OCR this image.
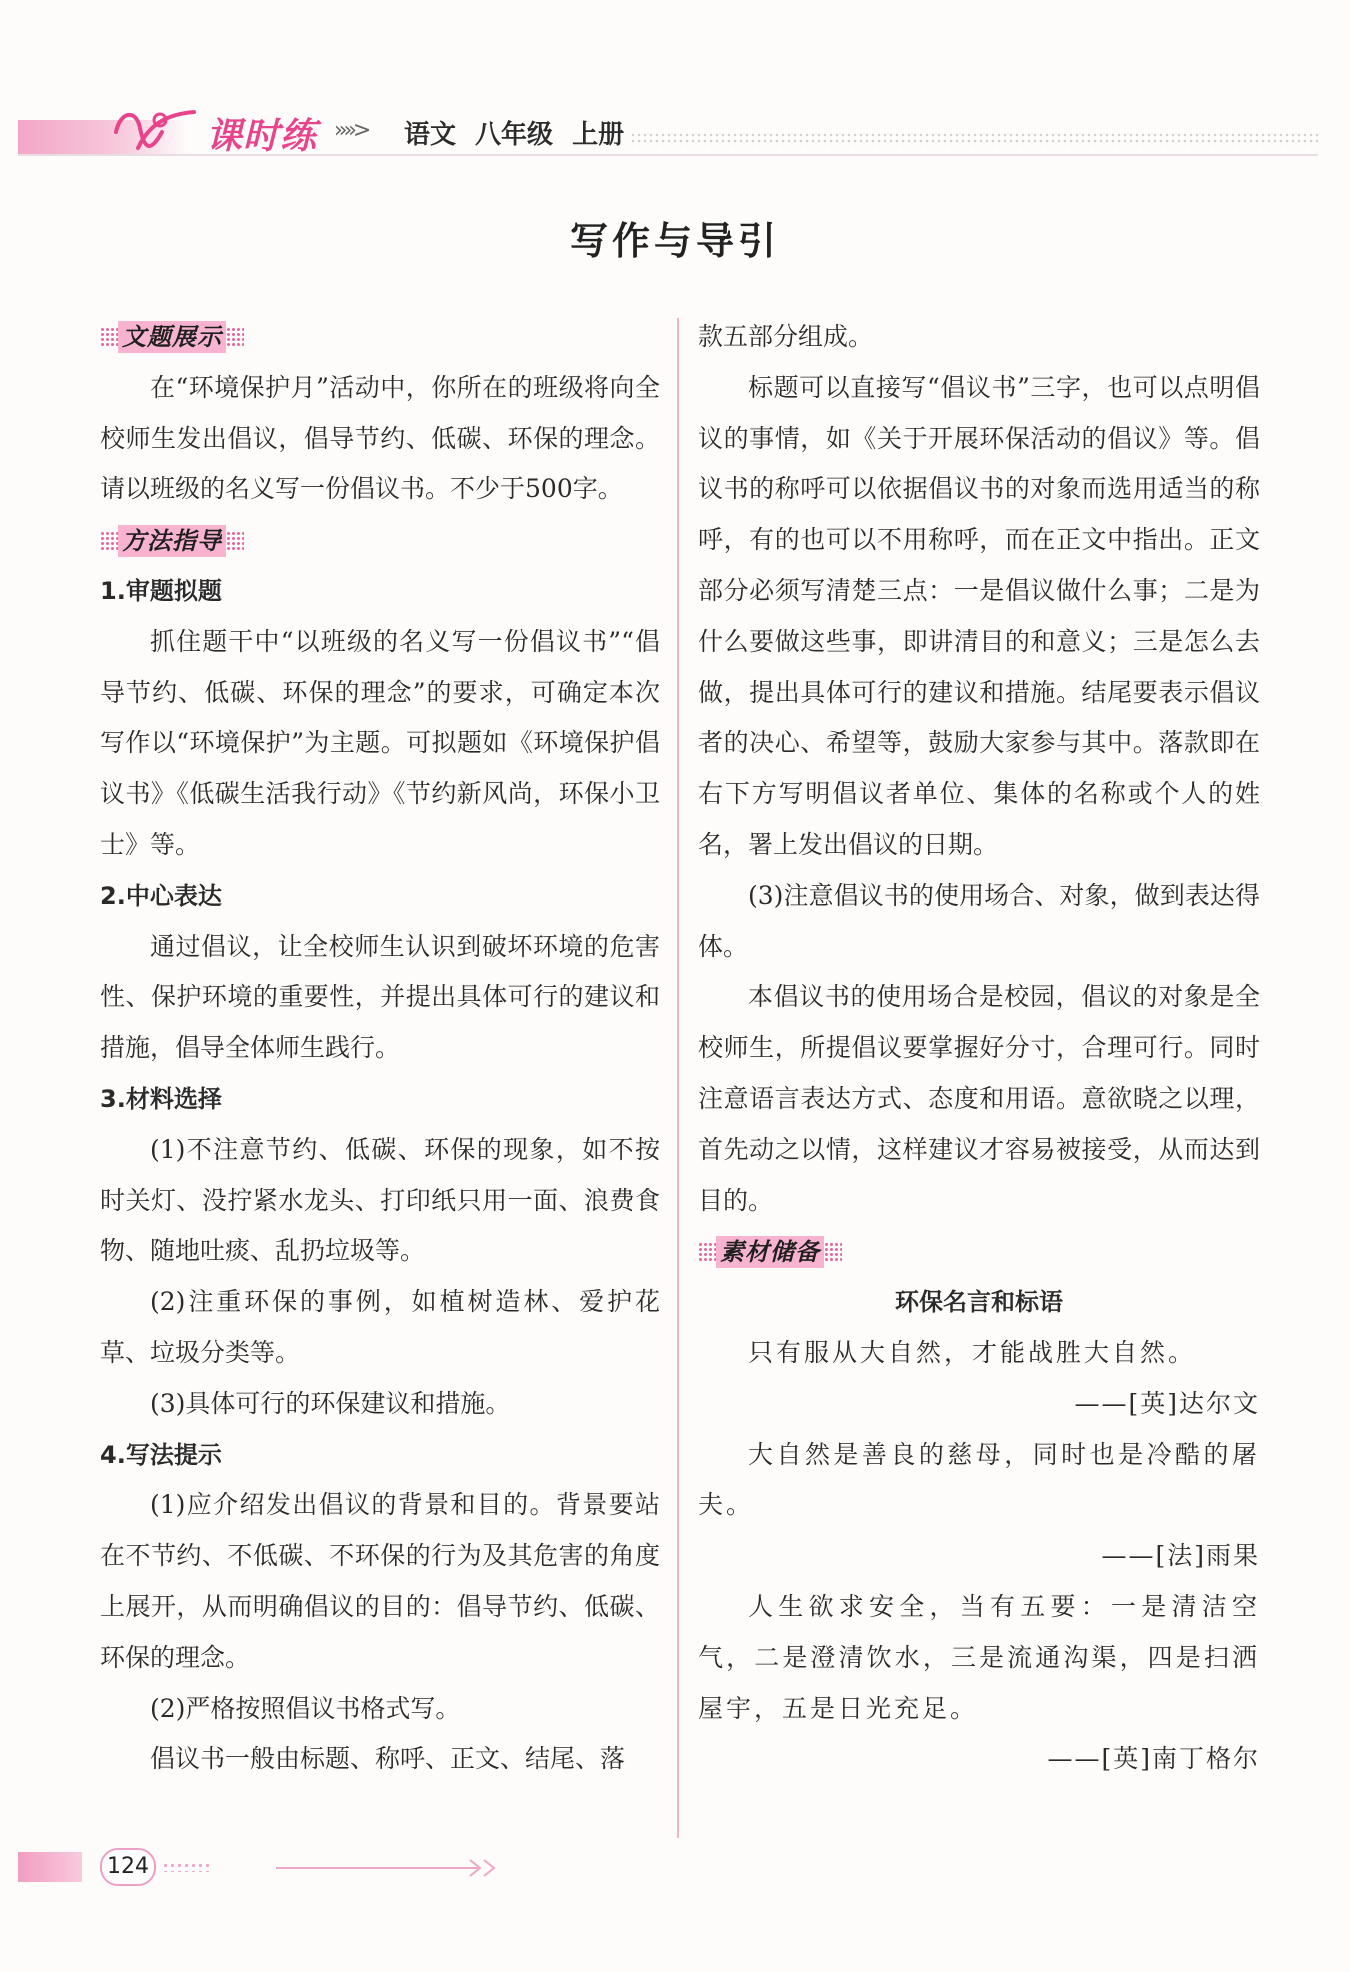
课时练 »»> 语文 八年级 上册
写作与导引
文题展示

在“环境保护月”活动中，你所在的班级将向全校师生发出倡议，倡导节约、低碳、环保的理念。请以班级的名义写一份倡议书。不少于500字。

方法指导
1.审题拟题

抓住题干中“以班级的名义写一份倡议书”“倡导节约、低碳、环保的理念”的要求，可确定本次写作以“环境保护”为主题。可拟题如《环境保护倡议书》《低碳生活我行动》《节约新风尚，环保小卫士》等。

2.中心表达

通过倡议，让全校师生认识到破坏环境的危害性、保护环境的重要性，并提出具体可行的建议和措施，倡导全体师生践行。

3.材料选择

(1)不注意节约、低碳、环保的现象，如不按时关灯、没拧紧水龙头、打印纸只用一面、浪费食物、随地吐痰、乱扔垃圾等。

(2)注重环保的事例，如植树造林、爱护花草、垃圾分类等。

(3)具体可行的环保建议和措施。

4.写法提示

(1)应介绍发出倡议的背景和目的。背景要站在不节约、不低碳、不环保的行为及其危害的角度上展开，从而明确倡议的目的：倡导节约、低碳、环保的理念。

(2)严格按照倡议书格式写。

倡议书一般由标题、称呼、正文、结尾、落

款五部分组成。

标题可以直接写“倡议书”三字，也可以点明倡议的事情，如《关于开展环保活动的倡议》等。倡议书的称呼可以依据倡议书的对象而选用适当的称呼，有的也可以不用称呼，而在正文中指出。正文部分必须写清楚三点：一是倡议做什么事；二是为什么要做这些事，即讲清目的和意义；三是怎么去做，提出具体可行的建议和措施。结尾要表示倡议者的决心、希望等，鼓励大家参与其中。落款即在右下方写明倡议者单位、集体的名称或个人的姓名，署上发出倡议的日期。

(3)注意倡议书的使用场合、对象，做到表达得体。

本倡议书的使用场合是校园，倡议的对象是全校师生，所提倡议要掌握好分寸，合理可行。同时注意语言表达方式、态度和用语。意欲晓之以理，首先动之以情，这样建议才容易被接受，从而达到目的。

素材储备
环保名言和标语

只有服从大自然，才能战胜大自然。

——[英]达尔文

大自然是善良的慈母，同时也是冷酷的屠夫。

——[法]雨果

人生欲求安全，当有五要：一是清洁空气，二是澄清饮水，三是流通沟渠，四是扫洒屋宇，五是日光充足。

——[英]南丁格尔

124
